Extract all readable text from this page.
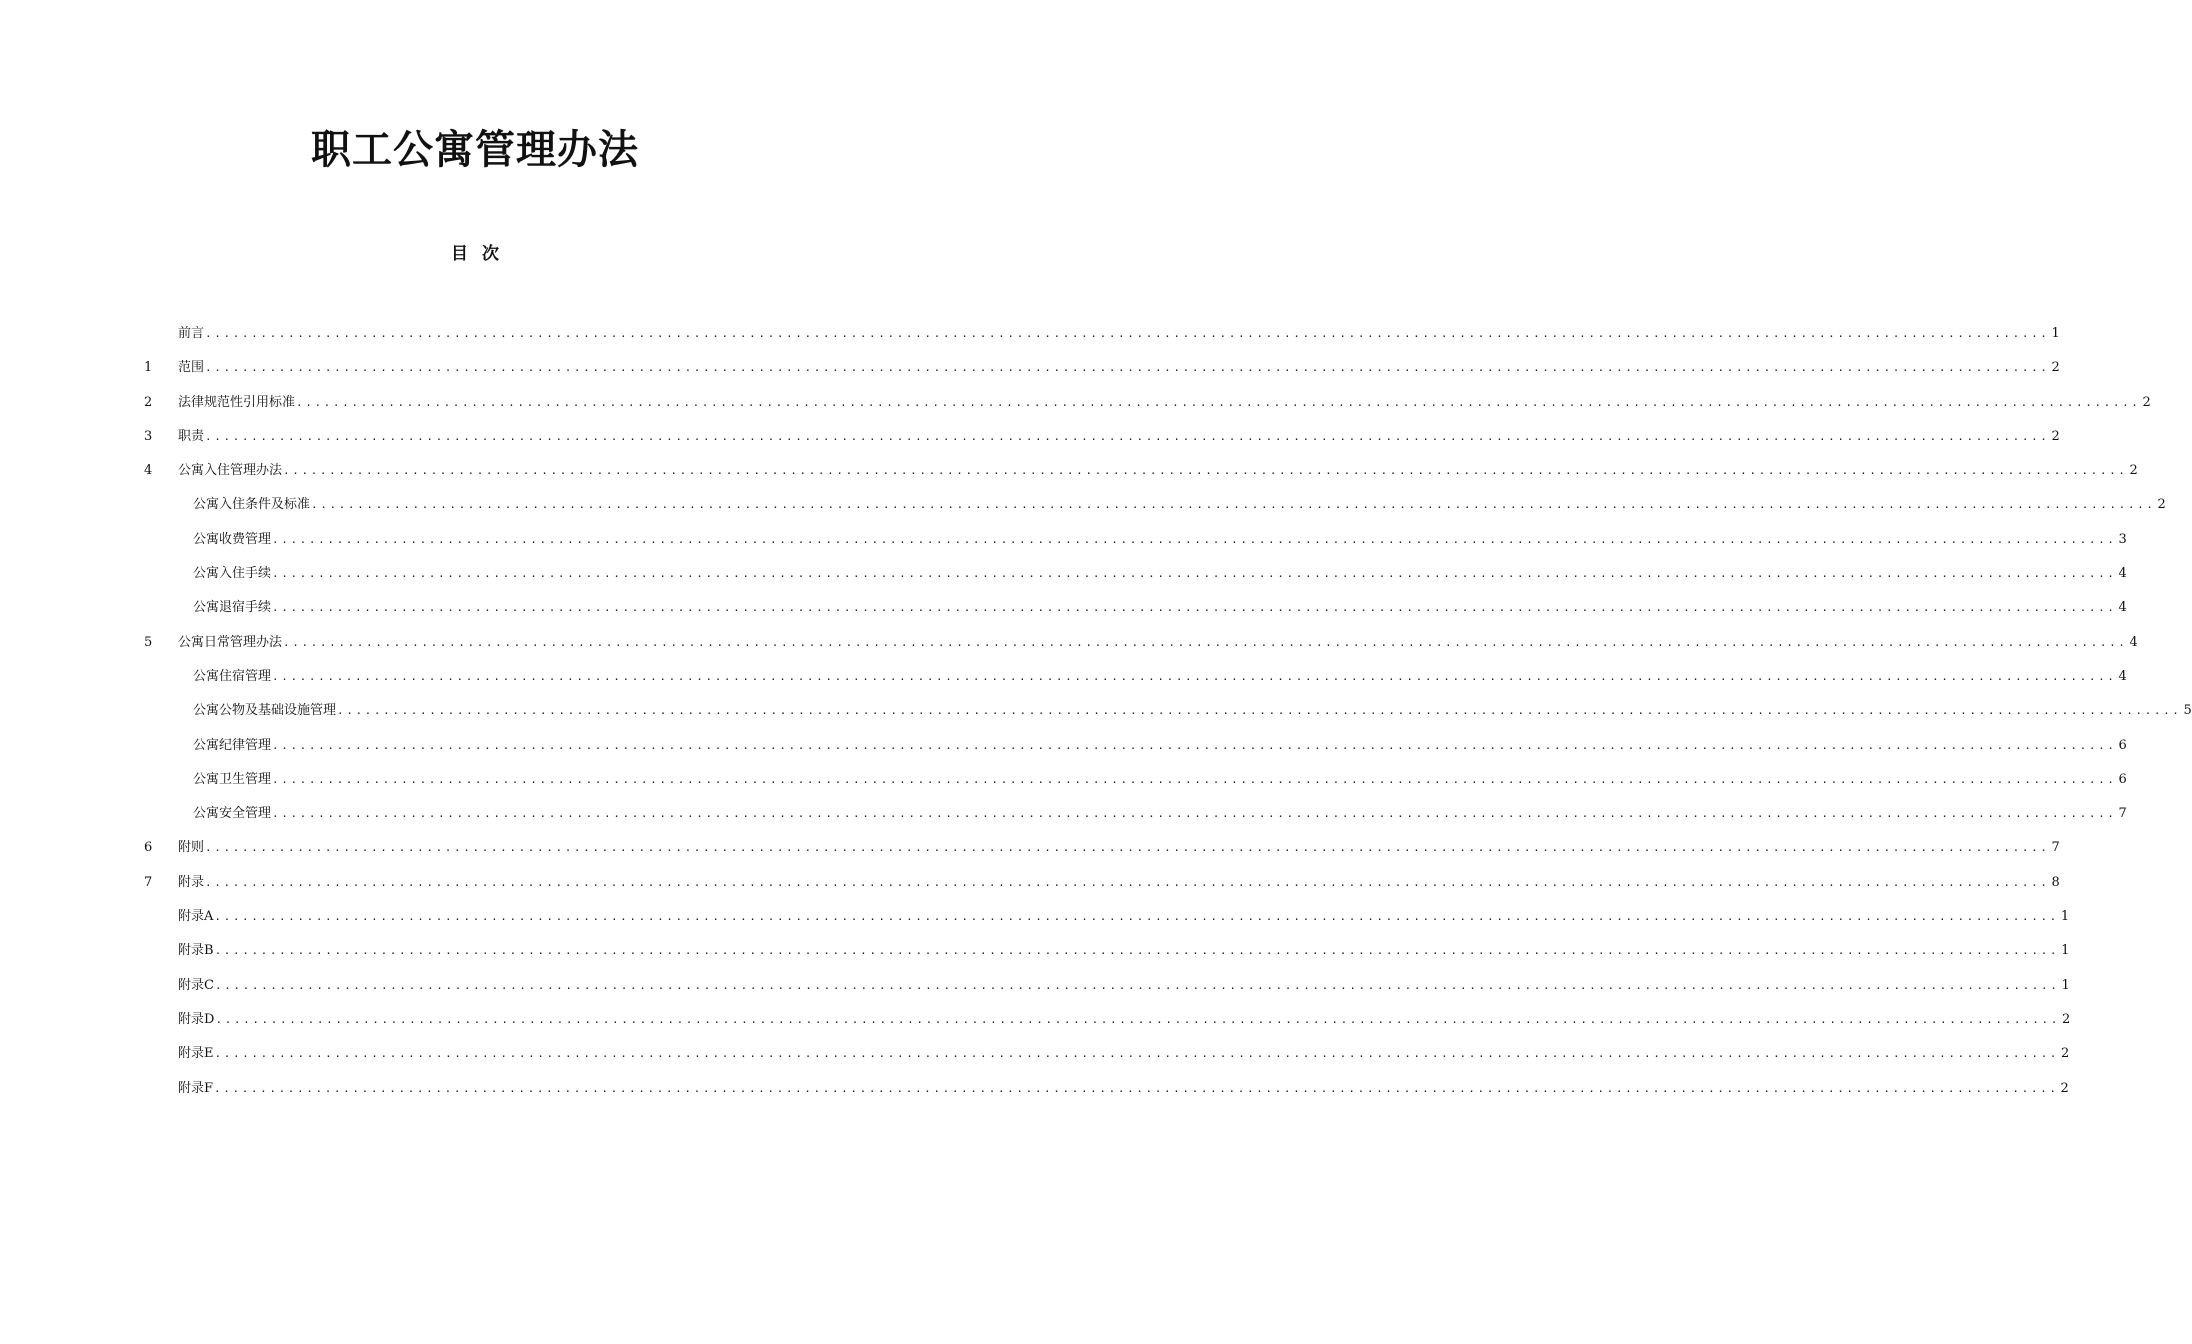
职工公寓管理办法
目 次
前言 ........................................................................................................................................................................................................ 1
1	范围 ........................................................................................................................................................................................................ 2
2	法律规范性引用标准 ........................................................................................................................................................................................................ 2
3	职责 ........................................................................................................................................................................................................ 2
4	公寓入住管理办法 ........................................................................................................................................................................................................ 2
公寓入住条件及标准 ........................................................................................................................................................................................................ 2
公寓收费管理 ........................................................................................................................................................................................................ 3
公寓入住手续 ........................................................................................................................................................................................................ 4
公寓退宿手续 ........................................................................................................................................................................................................ 4
5	公寓日常管理办法 ........................................................................................................................................................................................................ 4
公寓住宿管理 ........................................................................................................................................................................................................ 4
公寓公物及基础设施管理 ........................................................................................................................................................................................................ 5
公寓纪律管理 ........................................................................................................................................................................................................ 6
公寓卫生管理 ........................................................................................................................................................................................................ 6
公寓安全管理 ........................................................................................................................................................................................................ 7
6	附则 ........................................................................................................................................................................................................ 7
7	附录 ........................................................................................................................................................................................................ 8
附录A ........................................................................................................................................................................................................ 1
附录B ........................................................................................................................................................................................................ 1
附录C ........................................................................................................................................................................................................ 1
附录D ........................................................................................................................................................................................................ 2
附录E ........................................................................................................................................................................................................ 2
附录F ........................................................................................................................................................................................................ 2
